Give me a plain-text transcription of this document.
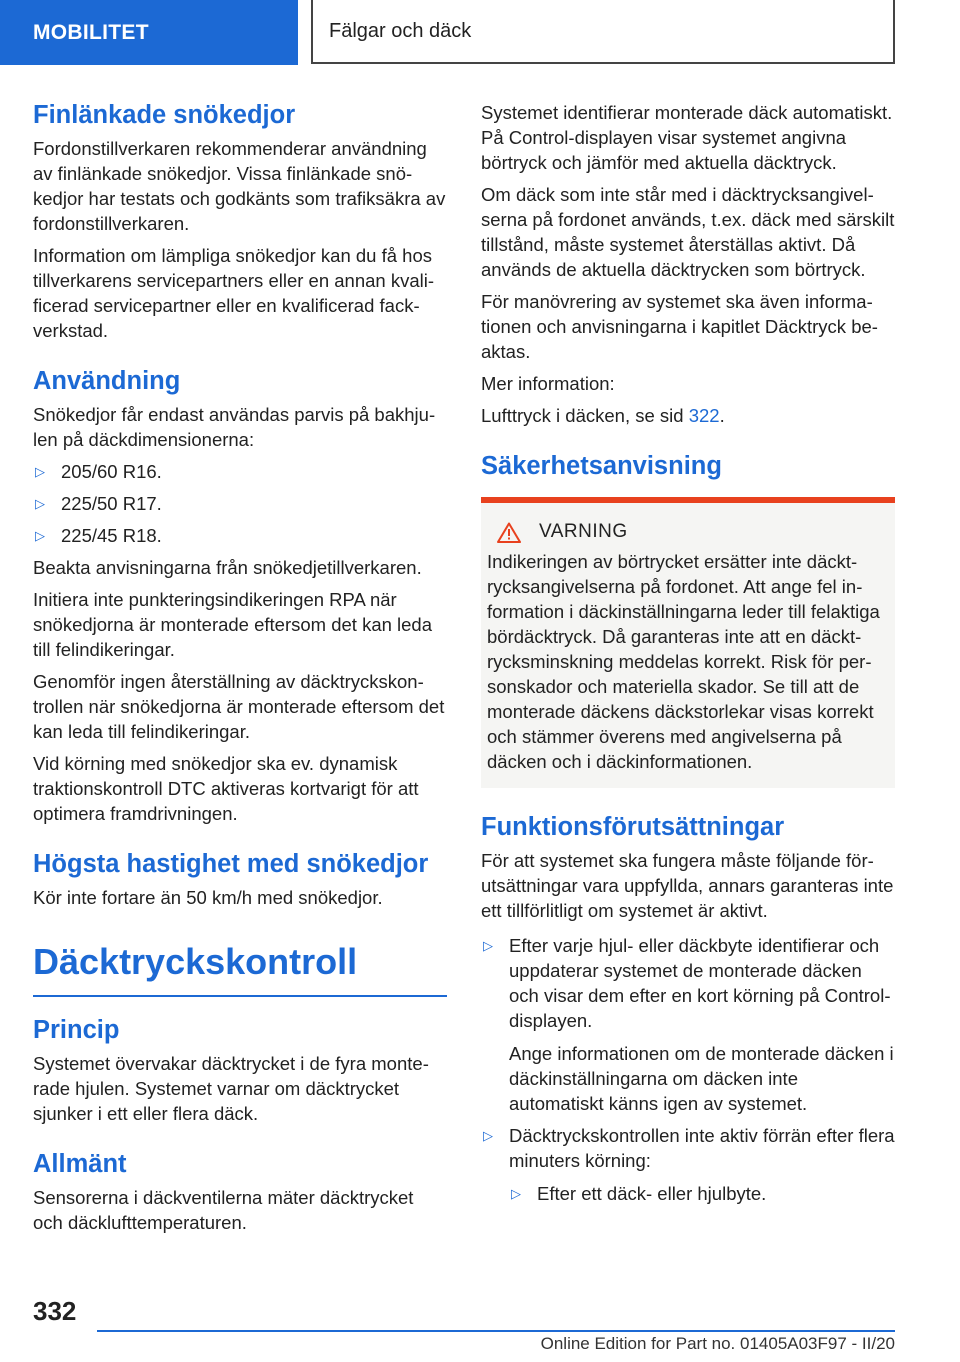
MOBILITET	Fälgar och däck
Finlänkade snökedjor

Fordonstillverkaren rekommenderar användning av finlänkade snökedjor. Vissa finlänkade snökedjor har testats och godkänts som trafiksäkra av fordonstillverkaren.

Information om lämpliga snökedjor kan du få hos tillverkarens servicepartners eller en annan kvalificerad servicepartner eller en kvalificerad fackverkstad.

Användning

Snökedjor får endast användas parvis på bakhjulen på däckdimensionerna:

▷ 205/60 R16.
▷ 225/50 R17.
▷ 225/45 R18.

Beakta anvisningarna från snökedjetillverkaren.

Initiera inte punkteringsindikeringen RPA när snökedjorna är monterade eftersom det kan leda till felindikeringar.

Genomför ingen återställning av däcktryckskontrollen när snökedjorna är monterade eftersom det kan leda till felindikeringar.

Vid körning med snökedjor ska ev. dynamisk traktionskontroll DTC aktiveras kortvarigt för att optimera framdrivningen.

Högsta hastighet med snökedjor

Kör inte fortare än 50 km/h med snökedjor.

Däcktryckskontroll
Princip

Systemet övervakar däcktrycket i de fyra monterade hjulen. Systemet varnar om däcktrycket sjunker i ett eller flera däck.

Allmänt

Sensorerna i däckventilerna mäter däcktrycket och däcklufttemperaturen.

Systemet identifierar monterade däck automatiskt. På Control-displayen visar systemet angivna börtryck och jämför med aktuella däcktryck.

Om däck som inte står med i däcktrycksangivelserna på fordonet används, t.ex. däck med särskilt tillstånd, måste systemet återställas aktivt. Då används de aktuella däcktrycken som börtryck.

För manövrering av systemet ska även informationen och anvisningarna i kapitlet Däcktryck beaktas.

Mer information:

Lufttryck i däcken, se sid 322.

Säkerhetsanvisning
VARNING

Indikeringen av börtrycket ersätter inte däcktrycksangivelserna på fordonet. Att ange fel information i däckinställningarna leder till felaktiga bördäcktryck. Då garanteras inte att en däcktrycksminskning meddelas korrekt. Risk för personskador och materiella skador. Se till att de monterade däckens däckstorlekar visas korrekt och stämmer överens med angivelserna på däcken och i däckinformationen.

Funktionsförutsättningar

För att systemet ska fungera måste följande förutsättningar vara uppfyllda, annars garanteras inte ett tillförlitligt om systemet är aktivt.

▷ Efter varje hjul- eller däckbyte identifierar och uppdaterar systemet de monterade däcken och visar dem efter en kort körning på Control-displayen.
Ange informationen om de monterade däcken i däckinställningarna om däcken inte automatiskt känns igen av systemet.
▷ Däcktryckskontrollen inte aktiv förrän efter flera minuters körning:
▷ Efter ett däck- eller hjulbyte.
332
Online Edition for Part no. 01405A03F97 - II/20
